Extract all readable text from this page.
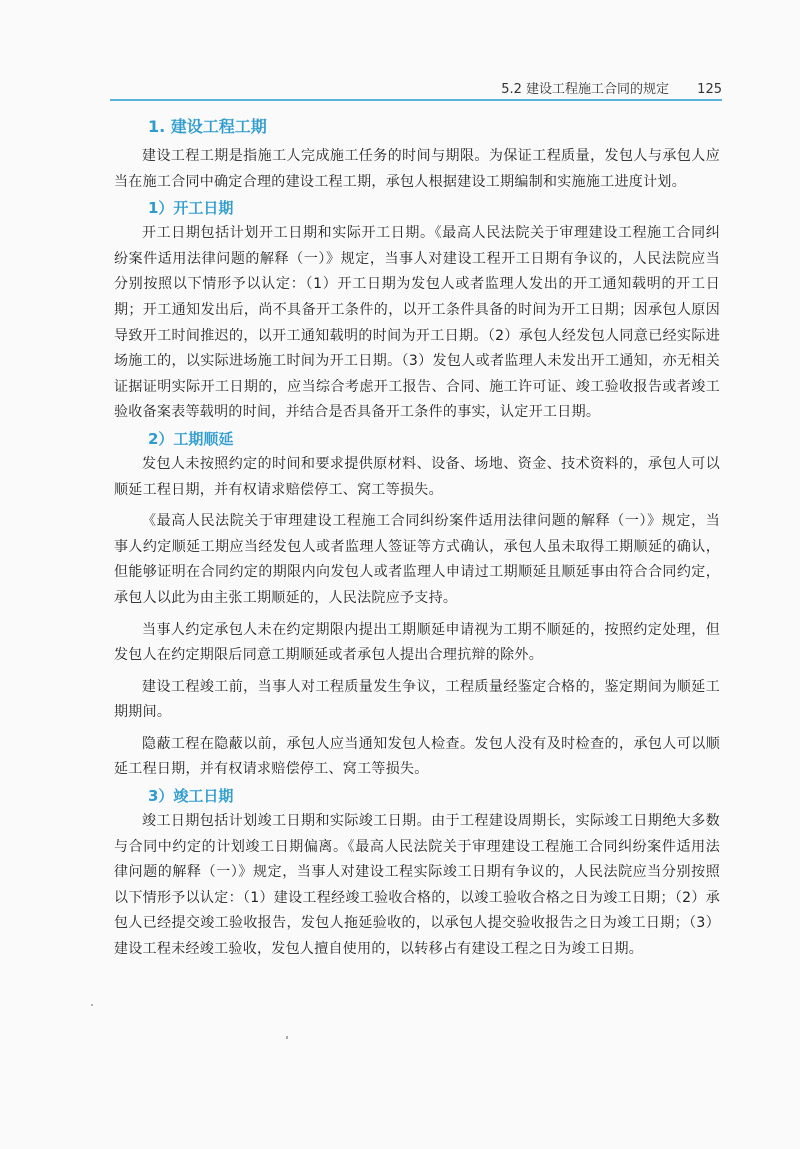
5.2 建设工程施工合同的规定 125
1. 建设工程工期

建设工程工期是指施工人完成施工任务的时间与期限。为保证工程质量，发包人与承包人应当在施工合同中确定合理的建设工程工期，承包人根据建设工期编制和实施施工进度计划。

1）开工日期

开工日期包括计划开工日期和实际开工日期。《最高人民法院关于审理建设工程施工合同纠纷案件适用法律问题的解释（一）》规定，当事人对建设工程开工日期有争议的，人民法院应当分别按照以下情形予以认定：（1）开工日期为发包人或者监理人发出的开工通知载明的开工日期；开工通知发出后，尚不具备开工条件的，以开工条件具备的时间为开工日期；因承包人原因导致开工时间推迟的，以开工通知载明的时间为开工日期。（2）承包人经发包人同意已经实际进场施工的，以实际进场施工时间为开工日期。（3）发包人或者监理人未发出开工通知，亦无相关证据证明实际开工日期的，应当综合考虑开工报告、合同、施工许可证、竣工验收报告或者竣工验收备案表等载明的时间，并结合是否具备开工条件的事实，认定开工日期。

2）工期顺延

发包人未按照约定的时间和要求提供原材料、设备、场地、资金、技术资料的，承包人可以顺延工程日期，并有权请求赔偿停工、窝工等损失。

《最高人民法院关于审理建设工程施工合同纠纷案件适用法律问题的解释（一）》规定，当事人约定顺延工期应当经发包人或者监理人签证等方式确认，承包人虽未取得工期顺延的确认，但能够证明在合同约定的期限内向发包人或者监理人申请过工期顺延且顺延事由符合合同约定，承包人以此为由主张工期顺延的，人民法院应予支持。

当事人约定承包人未在约定期限内提出工期顺延申请视为工期不顺延的，按照约定处理，但发包人在约定期限后同意工期顺延或者承包人提出合理抗辩的除外。

建设工程竣工前，当事人对工程质量发生争议，工程质量经鉴定合格的，鉴定期间为顺延工期期间。

隐蔽工程在隐蔽以前，承包人应当通知发包人检查。发包人没有及时检查的，承包人可以顺延工程日期，并有权请求赔偿停工、窝工等损失。

3）竣工日期

竣工日期包括计划竣工日期和实际竣工日期。由于工程建设周期长，实际竣工日期绝大多数与合同中约定的计划竣工日期偏离。《最高人民法院关于审理建设工程施工合同纠纷案件适用法律问题的解释（一）》规定，当事人对建设工程实际竣工日期有争议的，人民法院应当分别按照以下情形予以认定：（1）建设工程经竣工验收合格的，以竣工验收合格之日为竣工日期；（2）承包人已经提交竣工验收报告，发包人拖延验收的，以承包人提交验收报告之日为竣工日期；（3）建设工程未经竣工验收，发包人擅自使用的，以转移占有建设工程之日为竣工日期。
